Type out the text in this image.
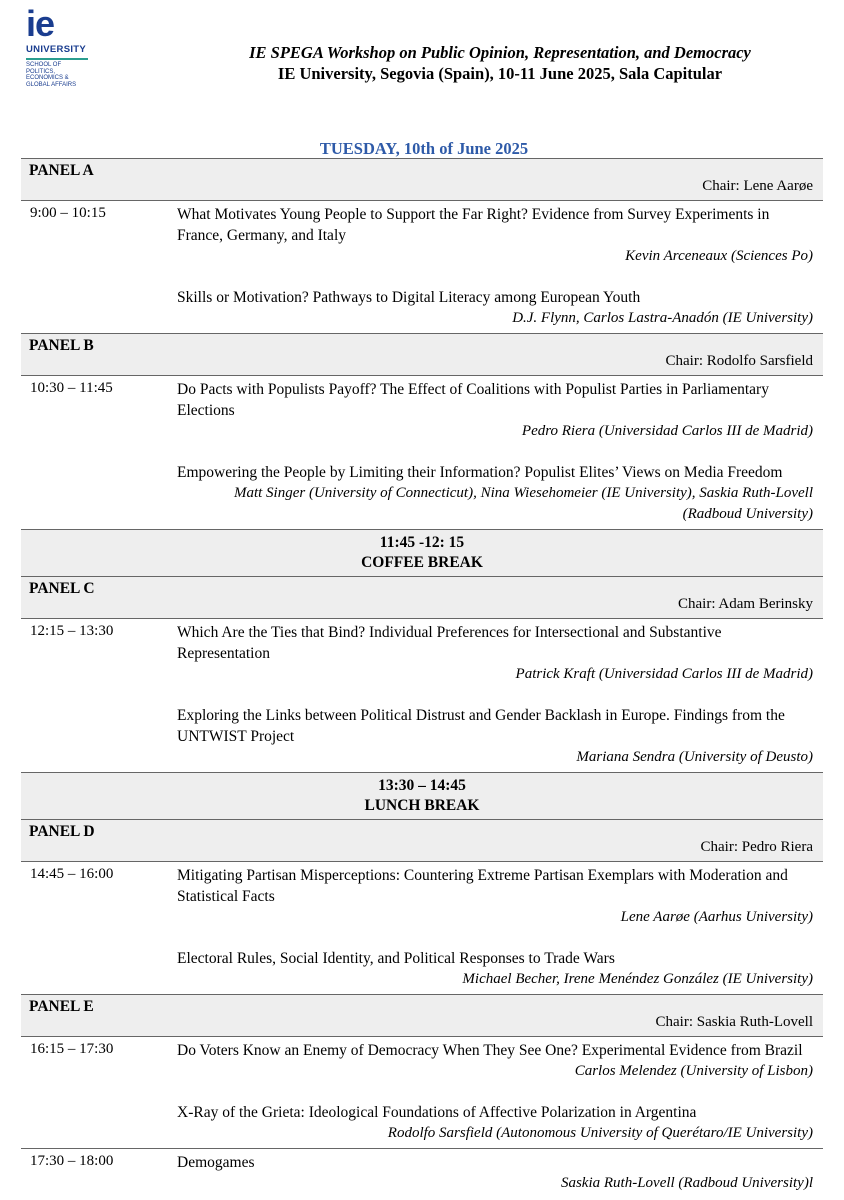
ie
UNIVERSITY
SCHOOL OF
POLITICS,
ECONOMICS &
GLOBAL AFFAIRS
IE SPEGA Workshop on Public Opinion, Representation, and Democracy
IE University, Segovia (Spain), 10-11 June 2025, Sala Capitular
TUESDAY, 10th of June 2025
PANEL A
Chair: Lene Aarøe	

9:00 – 10:15	What Motivates Young People to Support the Far Right? Evidence from Survey Experiments in France, Germany, and Italy
Kevin Arceneaux (Sciences Po)
Skills or Motivation? Pathways to Digital Literacy among European Youth
D.J. Flynn, Carlos Lastra-Anadón (IE University)

PANEL B
Chair: Rodolfo Sarsfield	

10:30 – 11:45	Do Pacts with Populists Payoff? The Effect of Coalitions with Populist Parties in Parliamentary Elections
Pedro Riera (Universidad Carlos III de Madrid)
Empowering the People by Limiting their Information? Populist Elites’ Views on Media Freedom
Matt Singer (University of Connecticut), Nina Wiesehomeier (IE University), Saskia Ruth-Lovell (Radboud University)

11:45 -12: 15
COFFEE BREAK	

PANEL C
Chair: Adam Berinsky	

12:15 – 13:30	Which Are the Ties that Bind? Individual Preferences for Intersectional and Substantive Representation
Patrick Kraft (Universidad Carlos III de Madrid)
Exploring the Links between Political Distrust and Gender Backlash in Europe. Findings from the UNTWIST Project
Mariana Sendra (University of Deusto)

13:30 – 14:45
LUNCH BREAK	

PANEL D
Chair: Pedro Riera	

14:45 – 16:00	Mitigating Partisan Misperceptions: Countering Extreme Partisan Exemplars with Moderation and Statistical Facts
Lene Aarøe (Aarhus University)
Electoral Rules, Social Identity, and Political Responses to Trade Wars
Michael Becher, Irene Menéndez González (IE University)

PANEL E
Chair: Saskia Ruth-Lovell	

16:15 – 17:30	Do Voters Know an Enemy of Democracy When They See One? Experimental Evidence from Brazil
Carlos Melendez (University of Lisbon)
X-Ray of the Grieta: Ideological Foundations of Affective Polarization in Argentina
Rodolfo Sarsfield (Autonomous University of Querétaro/IE University)

17:30 – 18:00	Demogames
Saskia Ruth-Lovell (Radboud University)l
